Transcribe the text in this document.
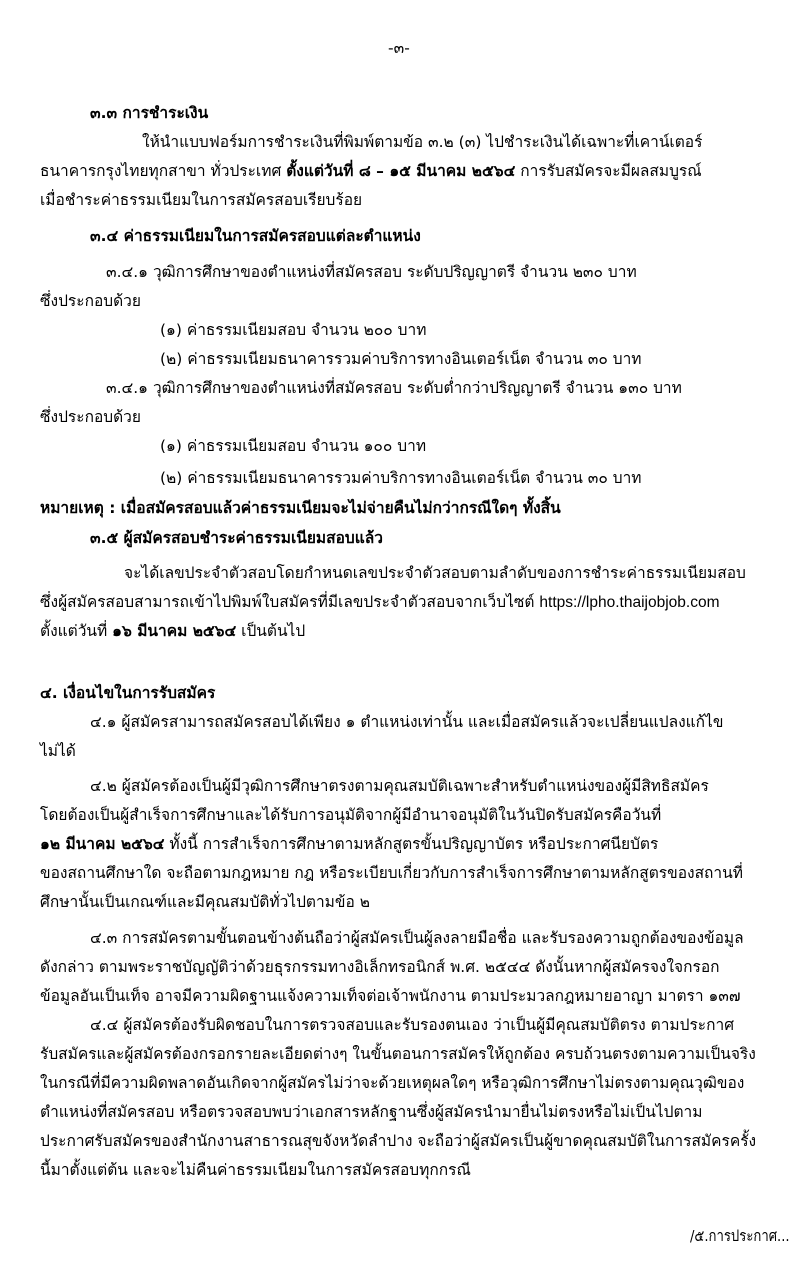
-๓-
๓.๓ การชำระเงิน
ให้นำแบบฟอร์มการชำระเงินที่พิมพ์ตามข้อ ๓.๒ (๓) ไปชำระเงินได้เฉพาะที่เคาน์เตอร์
ธนาคารกรุงไทยทุกสาขา ทั่วประเทศ ตั้งแต่วันที่ ๘ – ๑๕ มีนาคม ๒๕๖๔ การรับสมัครจะมีผลสมบูรณ์
เมื่อชำระค่าธรรมเนียมในการสมัครสอบเรียบร้อย
๓.๔ ค่าธรรมเนียมในการสมัครสอบแต่ละตำแหน่ง
๓.๔.๑ วุฒิการศึกษาของตำแหน่งที่สมัครสอบ ระดับปริญญาตรี จำนวน ๒๓๐ บาท
ซึ่งประกอบด้วย
(๑) ค่าธรรมเนียมสอบ จำนวน ๒๐๐ บาท
(๒) ค่าธรรมเนียมธนาคารรวมค่าบริการทางอินเตอร์เน็ต จำนวน ๓๐ บาท
๓.๔.๑ วุฒิการศึกษาของตำแหน่งที่สมัครสอบ ระดับต่ำกว่าปริญญาตรี จำนวน ๑๓๐ บาท
ซึ่งประกอบด้วย
(๑) ค่าธรรมเนียมสอบ จำนวน ๑๐๐ บาท
(๒) ค่าธรรมเนียมธนาคารรวมค่าบริการทางอินเตอร์เน็ต จำนวน ๓๐ บาท
หมายเหตุ : เมื่อสมัครสอบแล้วค่าธรรมเนียมจะไม่จ่ายคืนไม่กว่ากรณีใดๆ ทั้งสิ้น
๓.๕ ผู้สมัครสอบชำระค่าธรรมเนียมสอบแล้ว
จะได้เลขประจำตัวสอบโดยกำหนดเลขประจำตัวสอบตามลำดับของการชำระค่าธรรมเนียมสอบ
ซึ่งผู้สมัครสอบสามารถเข้าไปพิมพ์ใบสมัครที่มีเลขประจำตัวสอบจากเว็บไซต์ https://lpho.thaijobjob.com
ตั้งแต่วันที่ ๑๖ มีนาคม ๒๕๖๔ เป็นต้นไป
๔. เงื่อนไขในการรับสมัคร
๔.๑ ผู้สมัครสามารถสมัครสอบได้เพียง ๑ ตำแหน่งเท่านั้น และเมื่อสมัครแล้วจะเปลี่ยนแปลงแก้ไข
ไม่ได้
๔.๒ ผู้สมัครต้องเป็นผู้มีวุฒิการศึกษาตรงตามคุณสมบัติเฉพาะสำหรับตำแหน่งของผู้มีสิทธิสมัคร
โดยต้องเป็นผู้สำเร็จการศึกษาและได้รับการอนุมัติจากผู้มีอำนาจอนุมัติในวันปิดรับสมัครคือวันที่
๑๒ มีนาคม ๒๕๖๔ ทั้งนี้ การสำเร็จการศึกษาตามหลักสูตรขั้นปริญญาบัตร หรือประกาศนียบัตร
ของสถานศึกษาใด จะถือตามกฎหมาย กฎ หรือระเบียบเกี่ยวกับการสำเร็จการศึกษาตามหลักสูตรของสถานที่
ศึกษานั้นเป็นเกณฑ์และมีคุณสมบัติทั่วไปตามข้อ ๒
๔.๓ การสมัครตามขั้นตอนข้างต้นถือว่าผู้สมัครเป็นผู้ลงลายมือชื่อ และรับรองความถูกต้องของข้อมูล
ดังกล่าว ตามพระราชบัญญัติว่าด้วยธุรกรรมทางอิเล็กทรอนิกส์ พ.ศ. ๒๕๔๔ ดังนั้นหากผู้สมัครจงใจกรอก
ข้อมูลอันเป็นเท็จ อาจมีความผิดฐานแจ้งความเท็จต่อเจ้าพนักงาน ตามประมวลกฎหมายอาญา มาตรา ๑๓๗
๔.๔ ผู้สมัครต้องรับผิดชอบในการตรวจสอบและรับรองตนเอง ว่าเป็นผู้มีคุณสมบัติตรง ตามประกาศ
รับสมัครและผู้สมัครต้องกรอกรายละเอียดต่างๆ ในขั้นตอนการสมัครให้ถูกต้อง ครบถ้วนตรงตามความเป็นจริง
ในกรณีที่มีความผิดพลาดอันเกิดจากผู้สมัครไม่ว่าจะด้วยเหตุผลใดๆ หรือวุฒิการศึกษาไม่ตรงตามคุณวุฒิของ
ตำแหน่งที่สมัครสอบ หรือตรวจสอบพบว่าเอกสารหลักฐานซึ่งผู้สมัครนำมายื่นไม่ตรงหรือไม่เป็นไปตาม
ประกาศรับสมัครของสำนักงานสาธารณสุขจังหวัดลำปาง จะถือว่าผู้สมัครเป็นผู้ขาดคุณสมบัติในการสมัครครั้ง
นี้มาตั้งแต่ต้น และจะไม่คืนค่าธรรมเนียมในการสมัครสอบทุกกรณี
/๕.การประกาศ...
